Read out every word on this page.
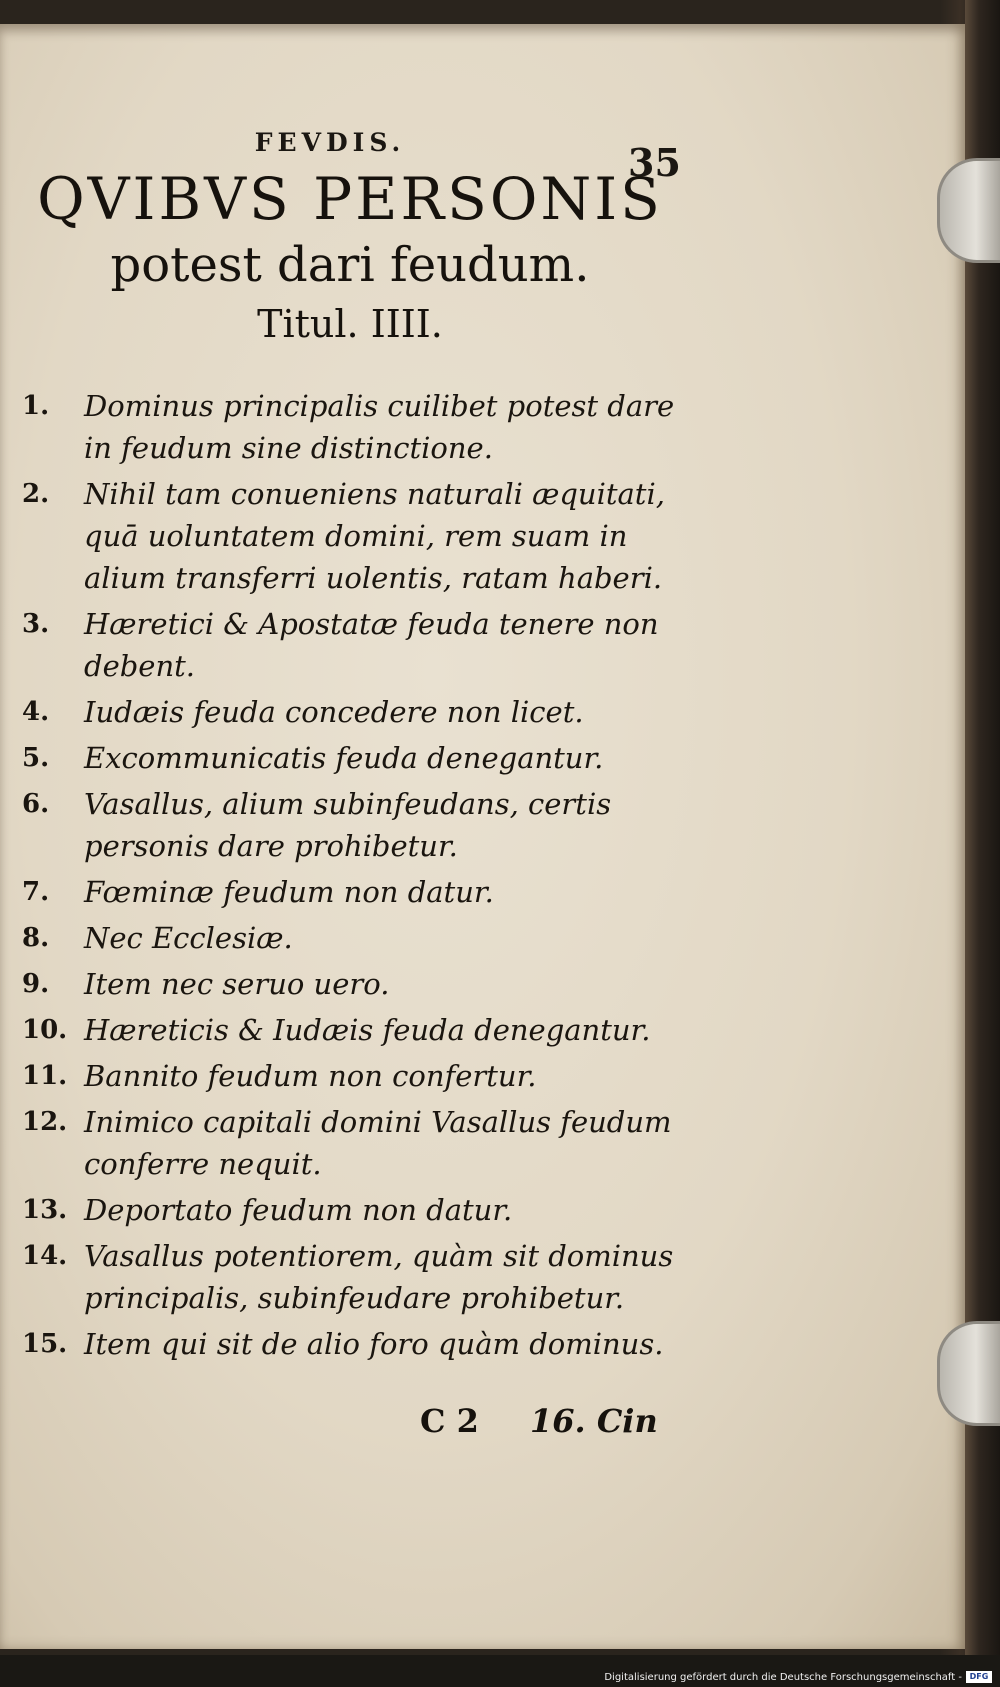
FEVDIS.	35
QVIBVS PERSONIS
potest dari feudum.
Titul. IIII.
1. Dominus principalis cuilibet potest dare in feudum sine distinctione.
2. Nihil tam conueniens naturali æquitati, quā uoluntatem domini, rem suam in alium transferri uolentis, ratam haberi.
3. Hæretici & Apostatæ feuda tenere non debent.
4. Iudæis feuda concedere non licet.
5. Excommunicatis feuda denegantur.
6. Vasallus, alium subinfeudans, certis personis dare prohibetur.
7. Fœminæ feudum non datur.
8. Nec Ecclesiæ.
9. Item nec seruo uero.
10. Hæreticis & Iudæis feuda denegantur.
11. Bannito feudum non confertur.
12. Inimico capitali domini Vasallus feudum conferre nequit.
13. Deportato feudum non datur.
14. Vasallus potentiorem, quàm sit dominus principalis, subinfeudare prohibetur.
15. Item qui sit de alio foro quàm dominus.
C 2 16. Cin
Digitalisierung gefördert durch die Deutsche Forschungsgemeinschaft - DFG
